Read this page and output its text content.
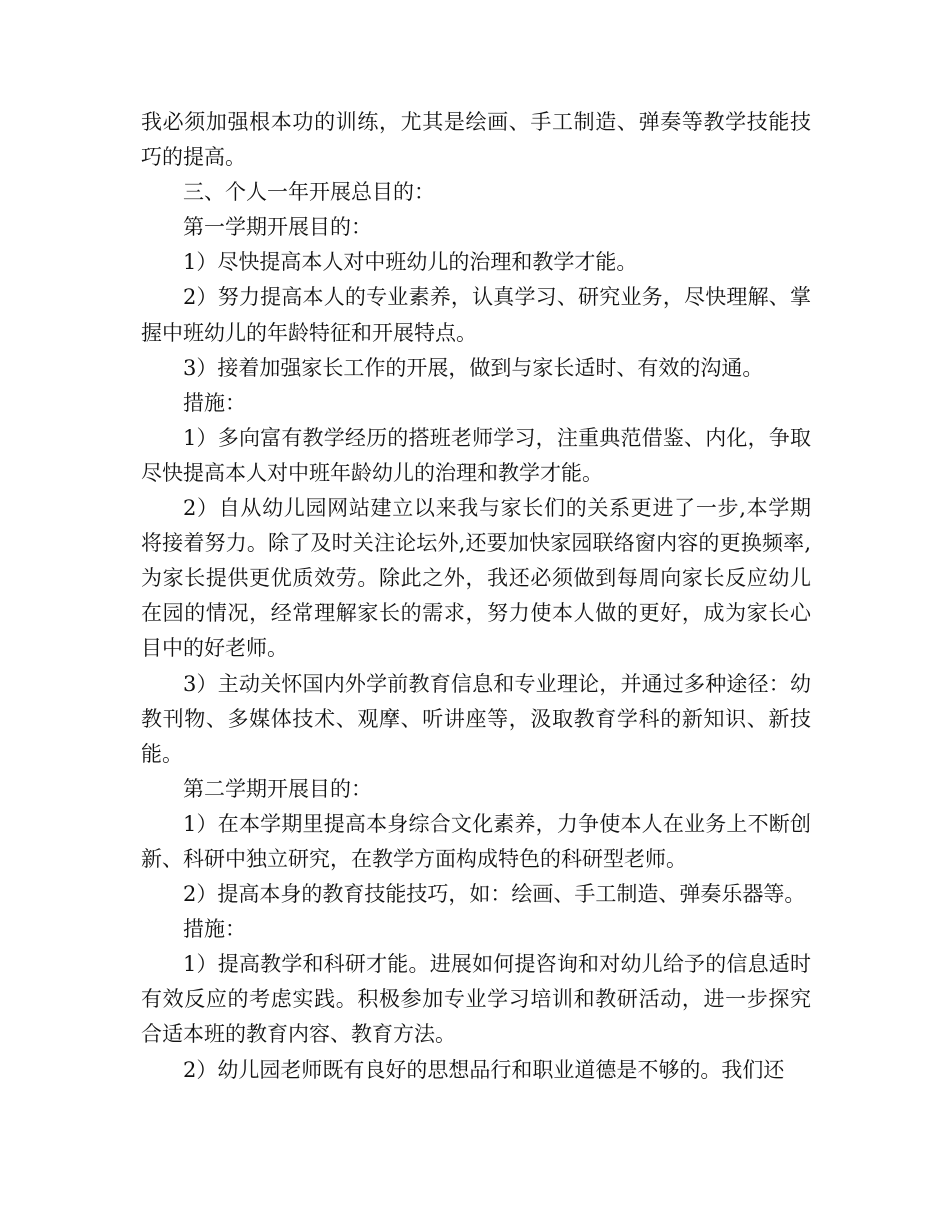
我必须加强根本功的训练，尤其是绘画、手工制造、弹奏等教学技能技巧的提高。

三、个人一年开展总目的：

第一学期开展目的：

1）尽快提高本人对中班幼儿的治理和教学才能。

2）努力提高本人的专业素养，认真学习、研究业务，尽快理解、掌握中班幼儿的年龄特征和开展特点。

3）接着加强家长工作的开展，做到与家长适时、有效的沟通。

措施：

1）多向富有教学经历的搭班老师学习，注重典范借鉴、内化，争取尽快提高本人对中班年龄幼儿的治理和教学才能。

2）自从幼儿园网站建立以来我与家长们的关系更进了一步,本学期将接着努力。除了及时关注论坛外,还要加快家园联络窗内容的更换频率,为家长提供更优质效劳。除此之外，我还必须做到每周向家长反应幼儿在园的情况，经常理解家长的需求，努力使本人做的更好，成为家长心目中的好老师。

3）主动关怀国内外学前教育信息和专业理论，并通过多种途径：幼教刊物、多媒体技术、观摩、听讲座等，汲取教育学科的新知识、新技能。

第二学期开展目的：

1）在本学期里提高本身综合文化素养，力争使本人在业务上不断创新、科研中独立研究，在教学方面构成特色的科研型老师。

2）提高本身的教育技能技巧，如：绘画、手工制造、弹奏乐器等。

措施：

1）提高教学和科研才能。进展如何提咨询和对幼儿给予的信息适时有效反应的考虑实践。积极参加专业学习培训和教研活动，进一步探究合适本班的教育内容、教育方法。

2）幼儿园老师既有良好的思想品行和职业道德是不够的。我们还
